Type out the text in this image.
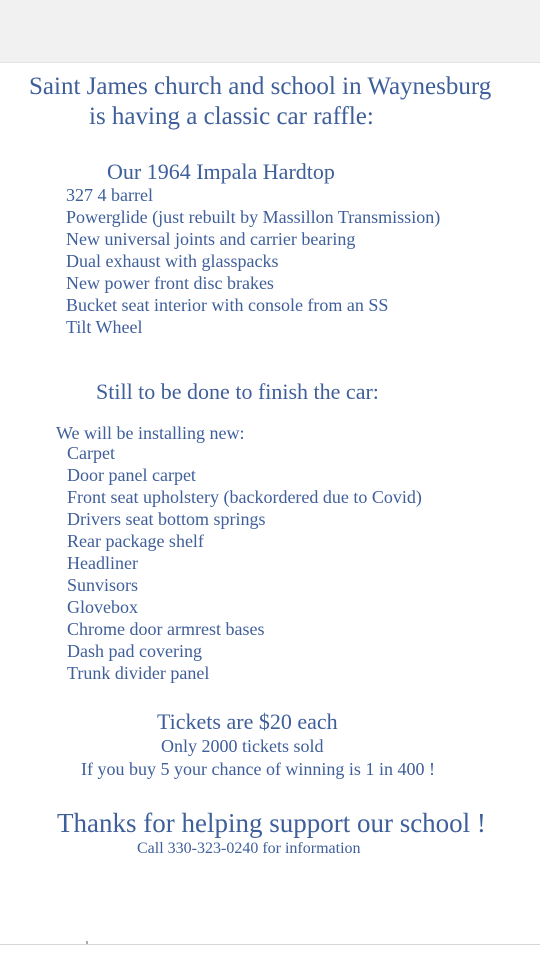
Saint James church and school in Waynesburg
is having a classic car raffle:
Our 1964 Impala Hardtop
327 4 barrel
Powerglide (just rebuilt by Massillon Transmission)
New universal joints and carrier bearing
Dual exhaust with glasspacks
New power front disc brakes
Bucket seat interior with console from an SS
Tilt Wheel
Still to be done to finish the car:
We will be installing new:
Carpet
Door panel carpet
Front seat upholstery (backordered due to Covid)
Drivers seat bottom springs
Rear package shelf
Headliner
Sunvisors
Glovebox
Chrome door armrest bases
Dash pad covering
Trunk divider panel
Tickets are $20 each
Only 2000 tickets sold
If you buy 5 your chance of winning is 1 in 400 !
Thanks for helping support our school !
Call 330-323-0240 for information
